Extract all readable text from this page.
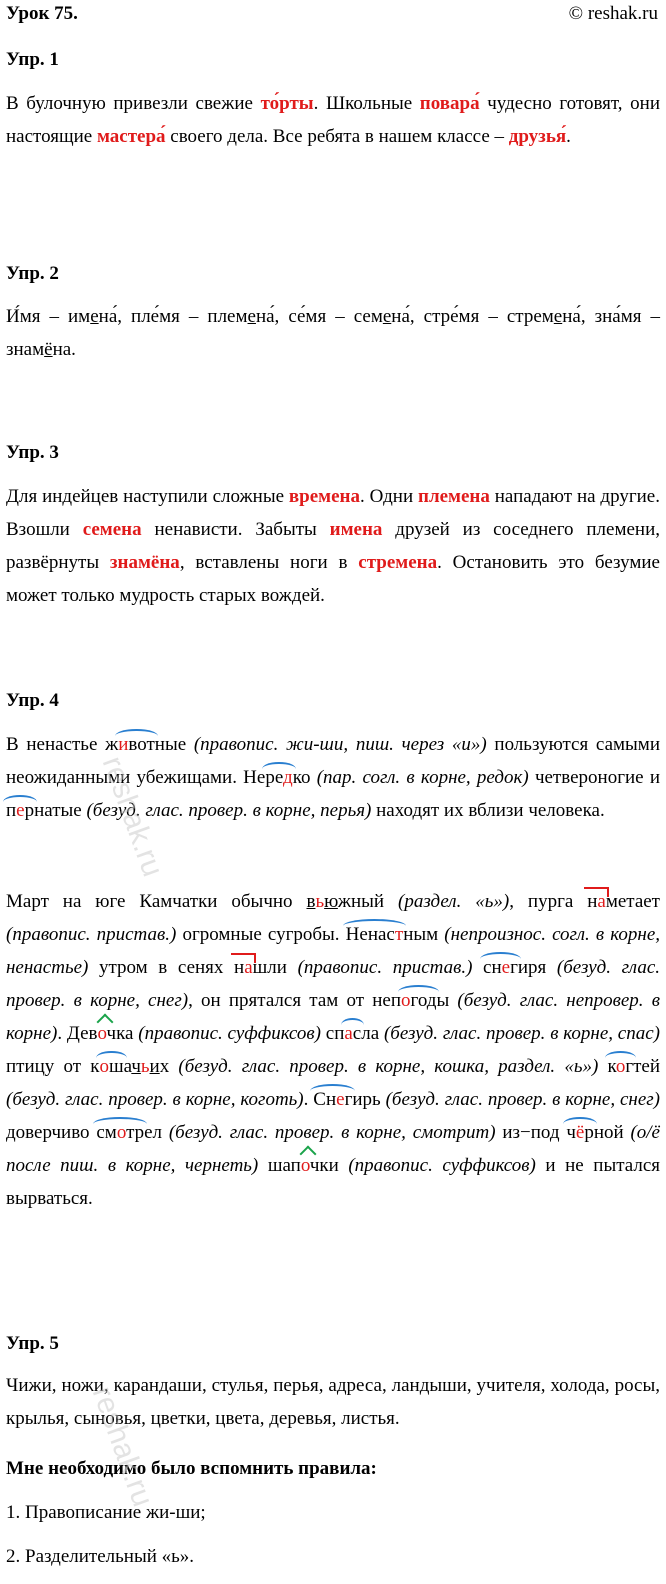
Урок 75.	© reshak.ru
Упр. 1
В булочную привезли свежие то́рты. Школьные повара́ чудесно готовят, они настоящие мастера́ своего дела. Все ребята в нашем классе – друзья́.
Упр. 2
И́мя – имена́, пле́мя – племена́, се́мя – семена́, стре́мя – стремена́, зна́мя – знамёна.
Упр. 3
Для индейцев наступили сложные времена. Одни племена нападают на другие. Взошли семена ненависти. Забыты имена друзей из соседнего племени, развёрнуты знамёна, вставлены ноги в стремена. Остановить это безумие может только мудрость старых вождей.
Упр. 4
В ненастье животные (правопис. жи-ши, пиш. через «и») пользуются самыми неожиданными убежищами. Нередко (пар. согл. в корне, редок) четвероногие и пернатые (безуд. глас. провер. в корне, перья) находят их вблизи человека.
Март на юге Камчатки обычно вьюжный (раздел. «ь»), пурга наметает (правопис. пристав.) огромные сугробы. Ненастным (непроизнос. согл. в корне, ненастье) утром в сенях нашли (правопис. пристав.) снегиря (безуд. глас. провер. в корне, снег), он прятался там от непогоды (безуд. глас. непровер. в корне). Девочка (правопис. суффиксов) спасла (безуд. глас. провер. в корне, спас) птицу от кошачьих (безуд. глас. провер. в корне, кошка, раздел. «ь») когтей (безуд. глас. провер. в корне, коготь). Снегирь (безуд. глас. провер. в корне, снег) доверчиво смотрел (безуд. глас. провер. в корне, смотрит) из−под чёрной (о/ё после пиш. в корне, чернеть) шапочки (правопис. суффиксов) и не пытался вырваться.
Упр. 5
Чижи, ножи, карандаши, стулья, перья, адреса, ландыши, учителя, холода, росы, крылья, сыновья, цветки, цвета, деревья, листья.
Мне необходимо было вспомнить правила:
1. Правописание жи-ши;
2. Разделительный «ь».
reshak.ru
reshak.ru
